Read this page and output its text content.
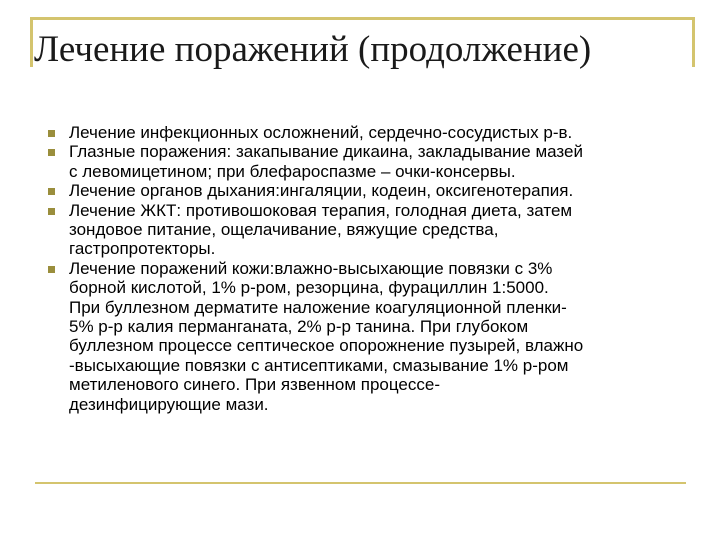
Лечение поражений (продолжение)
Лечение инфекционных осложнений, сердечно-сосудистых р-в.
Глазные поражения: закапывание дикаина, закладывание мазей
с левомицетином; при блефароспазме – очки-консервы.
Лечение органов дыхания:ингаляции, кодеин, оксигенотерапия.
Лечение ЖКТ: противошоковая терапия, голодная диета, затем
зондовое питание, ощелачивание, вяжущие средства,
гастропротекторы.
Лечение поражений кожи:влажно-высыхающие повязки с 3%
борной кислотой, 1% р-ром, резорцина, фурациллин 1:5000.
При буллезном дерматите наложение коагуляционной пленки-
5% р-р калия перманганата, 2% р-р танина. При глубоком
буллезном процессе септическое опорожнение пузырей, влажно
-высыхающие повязки с антисептиками, смазывание 1% р-ром
метиленового синего. При язвенном процессе-
дезинфицирующие мази.
